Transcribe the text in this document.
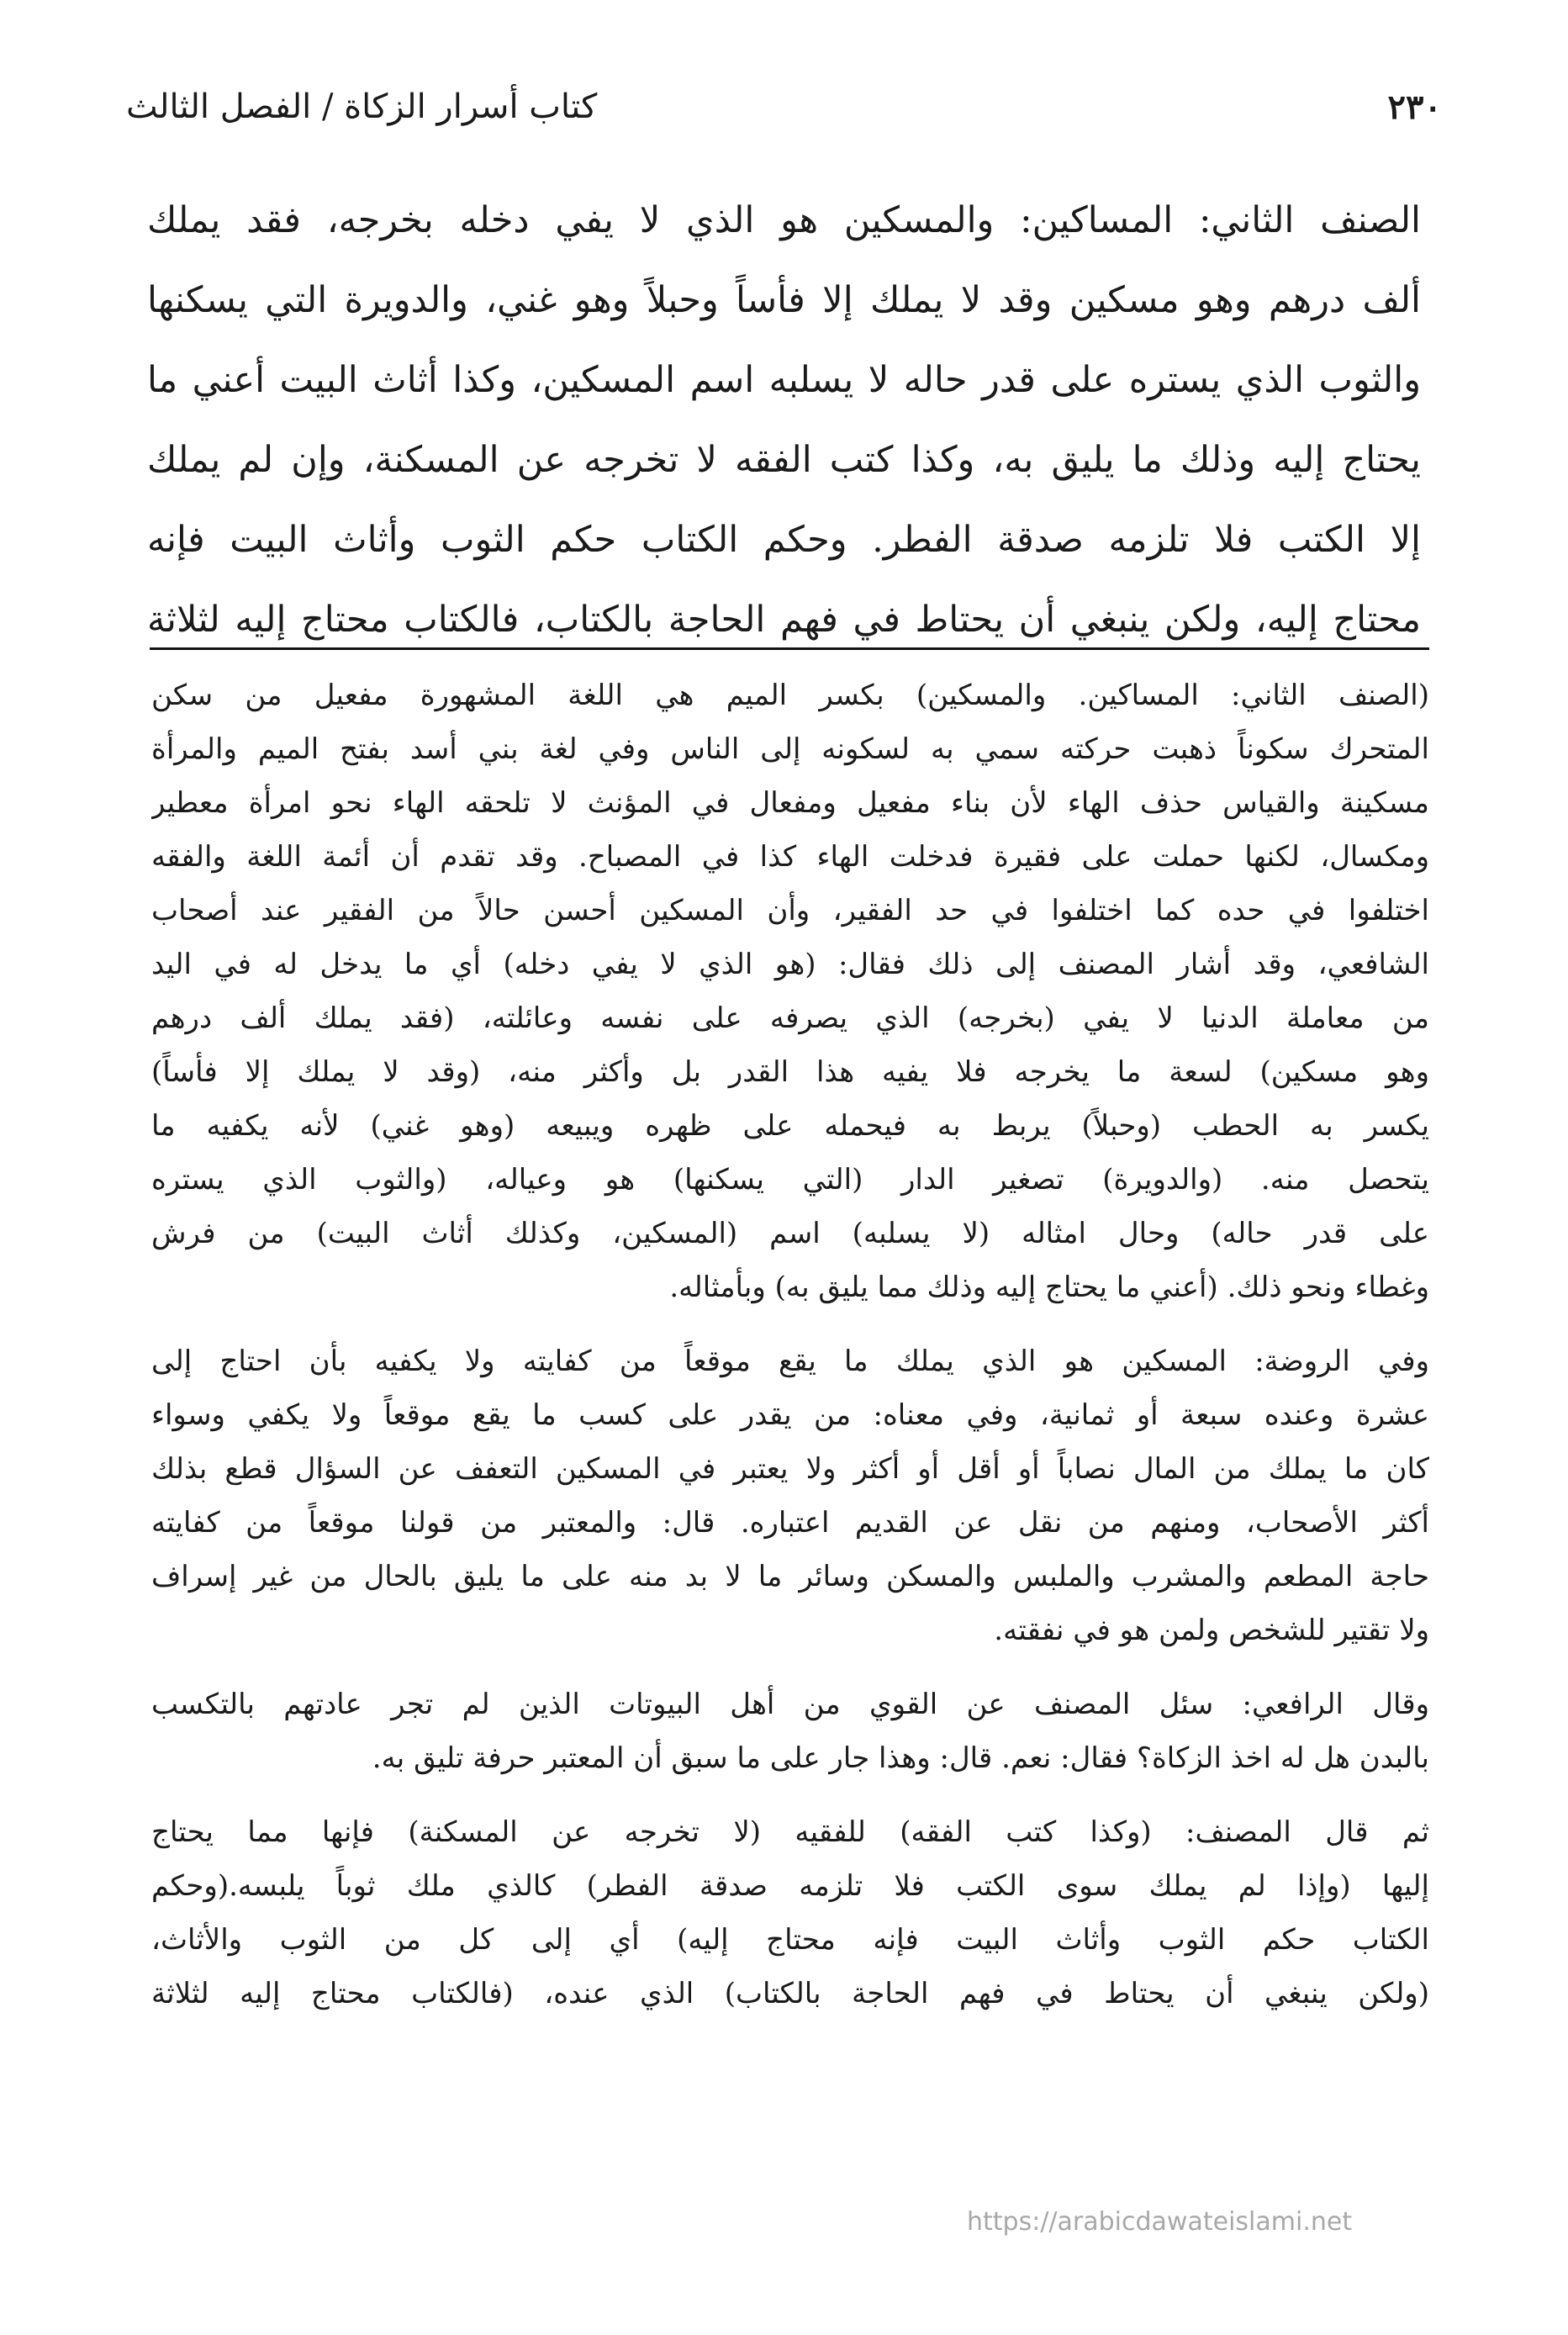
٢٣٠
كتاب أسرار الزكاة / الفصل الثالث
الصنف الثاني: المساكين: والمسكين هو الذي لا يفي دخله بخرجه، فقد يملك
ألف درهم وهو مسكين وقد لا يملك إلا فأساً وحبلاً وهو غني، والدويرة التي يسكنها
والثوب الذي يستره على قدر حاله لا يسلبه اسم المسكين، وكذا أثاث البيت أعني ما
يحتاج إليه وذلك ما يليق به، وكذا كتب الفقه لا تخرجه عن المسكنة، وإن لم يملك
إلا الكتب فلا تلزمه صدقة الفطر. وحكم الكتاب حكم الثوب وأثاث البيت فإنه
محتاج إليه، ولكن ينبغي أن يحتاط في فهم الحاجة بالكتاب، فالكتاب محتاج إليه لثلاثة
(الصنف الثاني: المساكين. والمسكين) بكسر الميم هي اللغة المشهورة مفعيل من سكن
المتحرك سكوناً ذهبت حركته سمي به لسكونه إلى الناس وفي لغة بني أسد بفتح الميم والمرأة
مسكينة والقياس حذف الهاء لأن بناء مفعيل ومفعال في المؤنث لا تلحقه الهاء نحو امرأة معطير
ومكسال، لكنها حملت على فقيرة فدخلت الهاء كذا في المصباح. وقد تقدم أن أئمة اللغة والفقه
اختلفوا في حده كما اختلفوا في حد الفقير، وأن المسكين أحسن حالاً من الفقير عند أصحاب
الشافعي، وقد أشار المصنف إلى ذلك فقال: (هو الذي لا يفي دخله) أي ما يدخل له في اليد
من معاملة الدنيا لا يفي (بخرجه) الذي يصرفه على نفسه وعائلته، (فقد يملك ألف درهم
وهو مسكين) لسعة ما يخرجه فلا يفيه هذا القدر بل وأكثر منه، (وقد لا يملك إلا فأساً)
يكسر به الحطب (وحبلاً) يربط به فيحمله على ظهره ويبيعه (وهو غني) لأنه يكفيه ما
يتحصل منه. (والدويرة) تصغير الدار (التي يسكنها) هو وعياله، (والثوب الذي يستره
على قدر حاله) وحال امثاله (لا يسلبه) اسم (المسكين، وكذلك أثاث البيت) من فرش
وغطاء ونحو ذلك. (أعني ما يحتاج إليه وذلك مما يليق به) وبأمثاله.
وفي الروضة: المسكين هو الذي يملك ما يقع موقعاً من كفايته ولا يكفيه بأن احتاج إلى
عشرة وعنده سبعة أو ثمانية، وفي معناه: من يقدر على كسب ما يقع موقعاً ولا يكفي وسواء
كان ما يملك من المال نصاباً أو أقل أو أكثر ولا يعتبر في المسكين التعفف عن السؤال قطع بذلك
أكثر الأصحاب، ومنهم من نقل عن القديم اعتباره. قال: والمعتبر من قولنا موقعاً من كفايته
حاجة المطعم والمشرب والملبس والمسكن وسائر ما لا بد منه على ما يليق بالحال من غير إسراف
ولا تقتير للشخص ولمن هو في نفقته.
وقال الرافعي: سئل المصنف عن القوي من أهل البيوتات الذين لم تجر عادتهم بالتكسب
بالبدن هل له اخذ الزكاة؟ فقال: نعم. قال: وهذا جار على ما سبق أن المعتبر حرفة تليق به.
ثم قال المصنف: (وكذا كتب الفقه) للفقيه (لا تخرجه عن المسكنة) فإنها مما يحتاج
إليها (وإذا لم يملك سوى الكتب فلا تلزمه صدقة الفطر) كالذي ملك ثوباً يلبسه.(وحكم
الكتاب حكم الثوب وأثاث البيت فإنه محتاج إليه) أي إلى كل من الثوب والأثاث،
(ولكن ينبغي أن يحتاط في فهم الحاجة بالكتاب) الذي عنده، (فالكتاب محتاج إليه لثلاثة
https://arabicdawateislami.net
